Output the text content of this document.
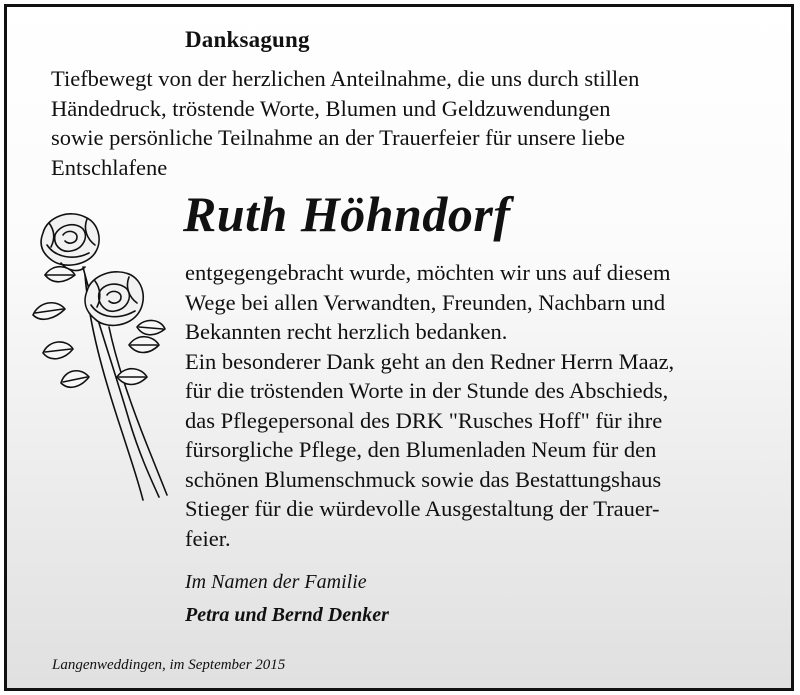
Danksagung
Tiefbewegt von der herzlichen Anteilnahme, die uns durch stillen
Händedruck, tröstende Worte, Blumen und Geldzuwendungen
sowie persönliche Teilnahme an der Trauerfeier für unsere liebe
Entschlafene
Ruth Höhndorf
entgegengebracht wurde, möchten wir uns auf diesem
Wege bei allen Verwandten, Freunden, Nachbarn und
Bekannten recht herzlich bedanken.
Ein besonderer Dank geht an den Redner Herrn Maaz,
für die tröstenden Worte in der Stunde des Abschieds,
das Pflegepersonal des DRK "Rusches Hoff" für ihre
fürsorgliche Pflege, den Blumenladen Neum für den
schönen Blumenschmuck sowie das Bestattungshaus
Stieger für die würdevolle Ausgestaltung der Trauer-
feier.
Im Namen der Familie
Petra und Bernd Denker
Langenweddingen, im September 2015
